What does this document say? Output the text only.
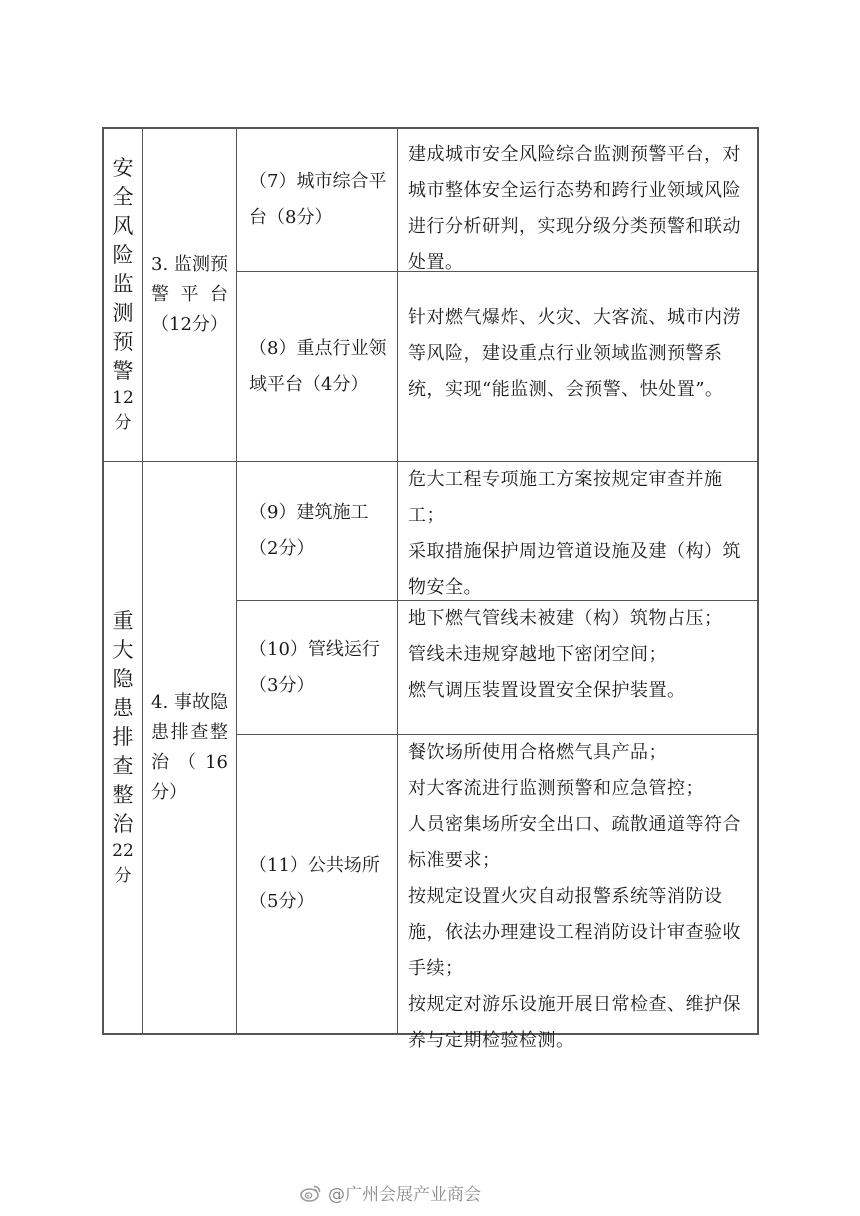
安
全
风
险
监
测
预
警
12
分
3. 监测预警平台（12分）
（7）城市综合平台（8分）

建成城市安全风险综合监测预警平台，对城市整体安全运行态势和跨行业领域风险进行分析研判，实现分级分类预警和联动处置。

（8）重点行业领域平台（4分）

针对燃气爆炸、火灾、大客流、城市内涝等风险，建设重点行业领域监测预警系统，实现“能监测、会预警、快处置”。

重
大
隐
患
排
查
整
治
22
分
4. 事故隐患排查整治（16分）
（9）建筑施工（2分）

危大工程专项施工方案按规定审查并施工；

采取措施保护周边管道设施及建（构）筑物安全。

（10）管线运行（3分）

地下燃气管线未被建（构）筑物占压；

管线未违规穿越地下密闭空间；

燃气调压装置设置安全保护装置。

（11）公共场所（5分）

餐饮场所使用合格燃气具产品；

对大客流进行监测预警和应急管控；

人员密集场所安全出口、疏散通道等符合标准要求；

按规定设置火灾自动报警系统等消防设施，依法办理建设工程消防设计审查验收手续；

按规定对游乐设施开展日常检查、维护保养与定期检验检测。

@广州会展产业商会
